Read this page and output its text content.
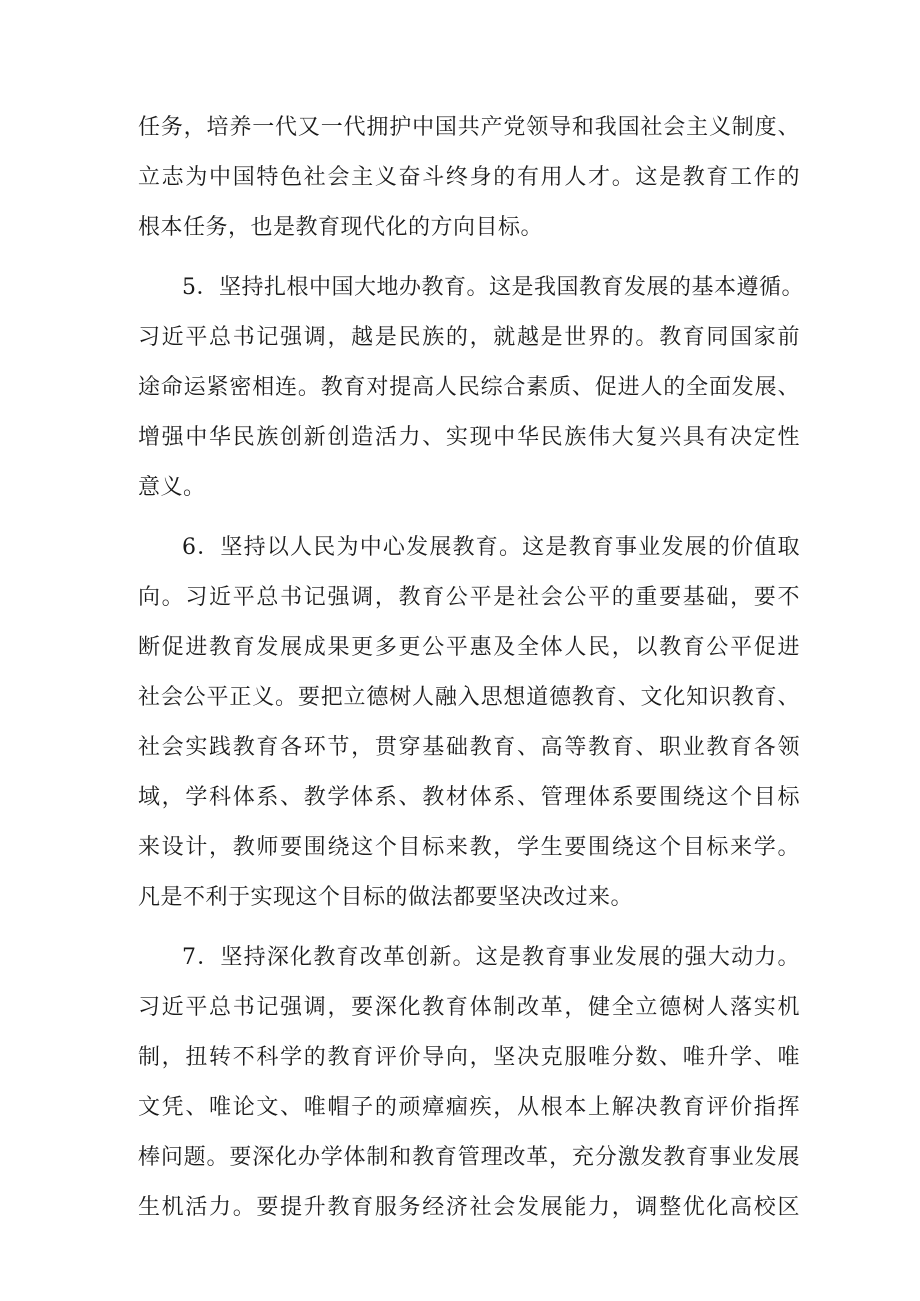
任务，培养一代又一代拥护中国共产党领导和我国社会主义制度、
立志为中国特色社会主义奋斗终身的有用人才。这是教育工作的
根本任务，也是教育现代化的方向目标。
5．坚持扎根中国大地办教育。这是我国教育发展的基本遵循。
习近平总书记强调，越是民族的，就越是世界的。教育同国家前
途命运紧密相连。教育对提高人民综合素质、促进人的全面发展、
增强中华民族创新创造活力、实现中华民族伟大复兴具有决定性
意义。
6．坚持以人民为中心发展教育。这是教育事业发展的价值取
向。习近平总书记强调，教育公平是社会公平的重要基础，要不
断促进教育发展成果更多更公平惠及全体人民，以教育公平促进
社会公平正义。要把立德树人融入思想道德教育、文化知识教育、
社会实践教育各环节，贯穿基础教育、高等教育、职业教育各领
域，学科体系、教学体系、教材体系、管理体系要围绕这个目标
来设计，教师要围绕这个目标来教，学生要围绕这个目标来学。
凡是不利于实现这个目标的做法都要坚决改过来。
7．坚持深化教育改革创新。这是教育事业发展的强大动力。
习近平总书记强调，要深化教育体制改革，健全立德树人落实机
制，扭转不科学的教育评价导向，坚决克服唯分数、唯升学、唯
文凭、唯论文、唯帽子的顽瘴痼疾，从根本上解决教育评价指挥
棒问题。要深化办学体制和教育管理改革，充分激发教育事业发展
生机活力。要提升教育服务经济社会发展能力，调整优化高校区
